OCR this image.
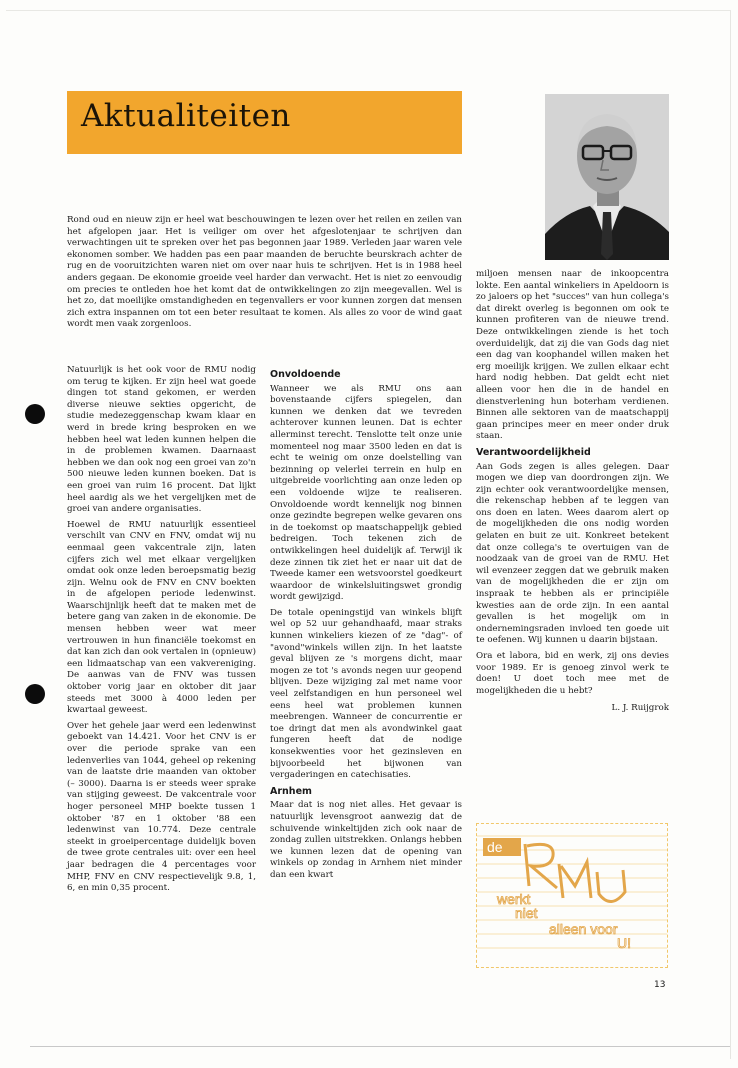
Aktualiteiten

Rond oud en nieuw zijn er heel wat beschouwingen te lezen over het reilen en zeilen van het afgelopen jaar. Het is veiliger om over het afgeslotenjaar te schrijven dan verwachtingen uit te spreken over het pas begonnen jaar 1989. Verleden jaar waren vele ekonomen somber. We hadden pas een paar maanden de beruchte beurskrach achter de rug en de vooruitzichten waren niet om over naar huis te schrijven. Het is in 1988 heel anders gegaan. De ekonomie groeide veel harder dan verwacht. Het is niet zo eenvoudig om precies te ontleden hoe het komt dat de ontwikkelingen zo zijn meegevallen. Wel is het zo, dat moeilijke omstandigheden en tegenvallers er voor kunnen zorgen dat mensen zich extra inspannen om tot een beter resultaat te komen. Als alles zo voor de wind gaat wordt men vaak zorgenloos.

Natuurlijk is het ook voor de RMU nodig om terug te kijken. Er zijn heel wat goede dingen tot stand gekomen, er werden diverse nieuwe sekties opgericht, de studie medezeggenschap kwam klaar en werd in brede kring besproken en we hebben heel wat leden kunnen helpen die in de problemen kwamen. Daarnaast hebben we dan ook nog een groei van zo'n 500 nieuwe leden kunnen boeken. Dat is een groei van ruim 16 procent. Dat lijkt heel aardig als we het vergelijken met de groei van andere organisaties.

Hoewel de RMU natuurlijk essentieel verschilt van CNV en FNV, omdat wij nu eenmaal geen vakcentrale zijn, laten cijfers zich wel met elkaar vergelijken omdat ook onze leden beroepsmatig bezig zijn. Welnu ook de FNV en CNV boekten in de afgelopen periode ledenwinst. Waarschijnlijk heeft dat te maken met de betere gang van zaken in de ekonomie. De mensen hebben weer wat meer vertrouwen in hun financiële toekomst en dat kan zich dan ook vertalen in (opnieuw) een lidmaatschap van een vakvereniging. De aanwas van de FNV was tussen oktober vorig jaar en oktober dit jaar steeds met 3000 à 4000 leden per kwartaal geweest.

Over het gehele jaar werd een ledenwinst geboekt van 14.421. Voor het CNV is er over die periode sprake van een ledenverlies van 1044, geheel op rekening van de laatste drie maanden van oktober (– 3000). Daarna is er steeds weer sprake van stijging geweest. De vakcentrale voor hoger personeel MHP boekte tussen 1 oktober '87 en 1 oktober '88 een ledenwinst van 10.774. Deze centrale steekt in groeipercentage duidelijk boven de twee grote centrales uit: over een heel jaar bedragen die 4 percentages voor MHP, FNV en CNV respectievelijk 9.8, 1, 6, en min 0,35 procent.

Onvoldoende

Wanneer we als RMU ons aan bovenstaande cijfers spiegelen, dan kunnen we denken dat we tevreden achterover kunnen leunen. Dat is echter allerminst terecht. Tenslotte telt onze unie momenteel nog maar 3500 leden en dat is echt te weinig om onze doelstelling van bezinning op velerlei terrein en hulp en uitgebreide voorlichting aan onze leden op een voldoende wijze te realiseren. Onvoldoende wordt kennelijk nog binnen onze gezindte begrepen welke gevaren ons in de toekomst op maatschappelijk gebied bedreigen. Toch tekenen zich de ontwikkelingen heel duidelijk af. Terwijl ik deze zinnen tik ziet het er naar uit dat de Tweede kamer een wetsvoorstel goedkeurt waardoor de winkelsluitingswet grondig wordt gewijzigd.

De totale openingstijd van winkels blijft wel op 52 uur gehandhaafd, maar straks kunnen winkeliers kiezen of ze "dag"- of "avond"winkels willen zijn. In het laatste geval blijven ze 's morgens dicht, maar mogen ze tot 's avonds negen uur geopend blijven. Deze wijziging zal met name voor veel zelfstandigen en hun personeel wel eens heel wat problemen kunnen meebrengen. Wanneer de concurrentie er toe dringt dat men als avondwinkel gaat fungeren heeft dat de nodige konsekwenties voor het gezinsleven en bijvoorbeeld het bijwonen van vergaderingen en catechisaties.

Arnhem

Maar dat is nog niet alles. Het gevaar is natuurlijk levensgroot aanwezig dat de schuivende winkeltijden zich ook naar de zondag zullen uitstrekken. Onlangs hebben we kunnen lezen dat de opening van winkels op zondag in Arnhem niet minder dan een kwart

miljoen mensen naar de inkoopcentra lokte. Een aantal winkeliers in Apeldoorn is zo jaloers op het "succes" van hun collega's dat direkt overleg is begonnen om ook te kunnen profiteren van de nieuwe trend. Deze ontwikkelingen ziende is het toch overduidelijk, dat zij die van Gods dag niet een dag van koophandel willen maken het erg moeilijk krijgen. We zullen elkaar echt hard nodig hebben. Dat geldt echt niet alleen voor hen die in de handel en dienstverlening hun boterham verdienen. Binnen alle sektoren van de maatschappij gaan principes meer en meer onder druk staan.

Verantwoordelijkheid

Aan Gods zegen is alles gelegen. Daar mogen we diep van doordrongen zijn. We zijn echter ook verantwoordelijke mensen, die rekenschap hebben af te leggen van ons doen en laten. Wees daarom alert op de mogelijkheden die ons nodig worden gelaten en buit ze uit. Konkreet betekent dat onze collega's te overtuigen van de noodzaak van de groei van de RMU. Het wil evenzeer zeggen dat we gebruik maken van de mogelijkheden die er zijn om inspraak te hebben als er principiële kwesties aan de orde zijn. In een aantal gevallen is het mogelijk om in ondernemingsraden invloed ten goede uit te oefenen. Wij kunnen u daarin bijstaan.

Ora et labora, bid en werk, zij ons devies voor 1989. Er is genoeg zinvol werk te doen! U doet toch mee met de mogelijkheden die u hebt?

L. J. Ruijgrok
de
werkt
niet
alleen voor
U!
13
